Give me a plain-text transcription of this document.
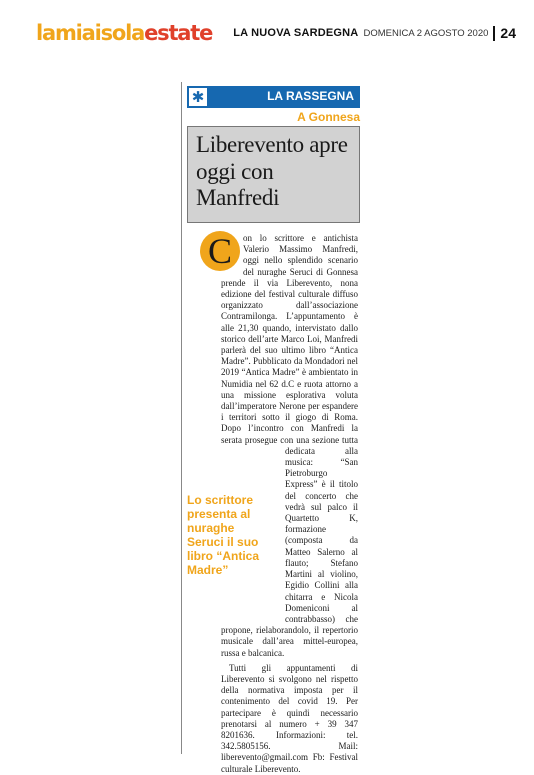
lamiaisolaestate LA NUOVA SARDEGNA DOMENICA 2 AGOSTO 2020 24
✱	LA RASSEGNA
A Gonnesa
Liberevento apre oggi con Manfredi

C	on lo scrittore e antichista Valerio Massimo Manfredi, oggi nello splendido scenario del nuraghe Seruci di Gonnesa prende il via Liberevento, nona edizione del festival culturale diffuso organizzato dall’associazione Contramilonga. L’appuntamento è alle 21,30 quando, intervistato dallo storico dell’arte Marco Loi, Manfredi parlerà del suo ultimo libro “Antica Madre”. Pubblicato da Mondadori nel 2019 “Antica Madre” è ambientato in Numidia nel 62 d.C e ruota attorno a una missione esplorativa voluta dall’imperatore Nerone per espandere i territori sotto il giogo di Roma. Dopo l’incontro con Manfredi la serata prosegue con una sezione tutta dedicata alla musica: “San Pietroburgo Express” è il titolo del concerto che vedrà sul palco il Quartetto K, formazione (composta da Matteo Salerno al flauto; Stefano Martini al violino, Egidio Collini alla chitarra e Nicola Domeniconi al contrabbasso) che propone, rielaborandolo, il repertorio musicale dall’area mittel-europea, russa e balcanica.

Tutti gli appuntamenti di Liberevento si svolgono nel rispetto della normativa imposta per il contenimento del covid 19. Per partecipare è quindi necessario prenotarsi al numero + 39 347 8201636. Informazioni: tel. 342.5805156. Mail: liberevento@gmail.com Fb: Festival culturale Liberevento.

Lo scrittore presenta al nuraghe Seruci il suo libro “Antica Madre”
